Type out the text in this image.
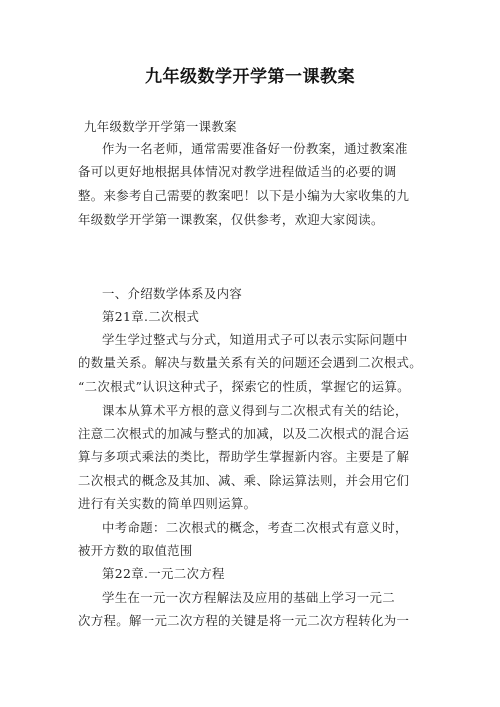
九年级数学开学第一课教案
九年级数学开学第一课教案
作为一名老师，通常需要准备好一份教案，通过教案准
备可以更好地根据具体情况对教学进程做适当的必要的调
整。来参考自己需要的教案吧！以下是小编为大家收集的九
年级数学开学第一课教案，仅供参考，欢迎大家阅读。
一、介绍数学体系及内容
第21章.二次根式
学生学过整式与分式，知道用式子可以表示实际问题中
的数量关系。解决与数量关系有关的问题还会遇到二次根式。
“二次根式”认识这种式子，探索它的性质，掌握它的运算。
课本从算术平方根的意义得到与二次根式有关的结论，
注意二次根式的加减与整式的加减，以及二次根式的混合运
算与多项式乘法的类比，帮助学生掌握新内容。主要是了解
二次根式的概念及其加、减、乘、除运算法则，并会用它们
进行有关实数的简单四则运算。
中考命题：二次根式的概念，考查二次根式有意义时，
被开方数的取值范围
第22章.一元二次方程
学生在一元一次方程解法及应用的基础上学习一元二
次方程。解一元二次方程的关键是将一元二次方程转化为一
